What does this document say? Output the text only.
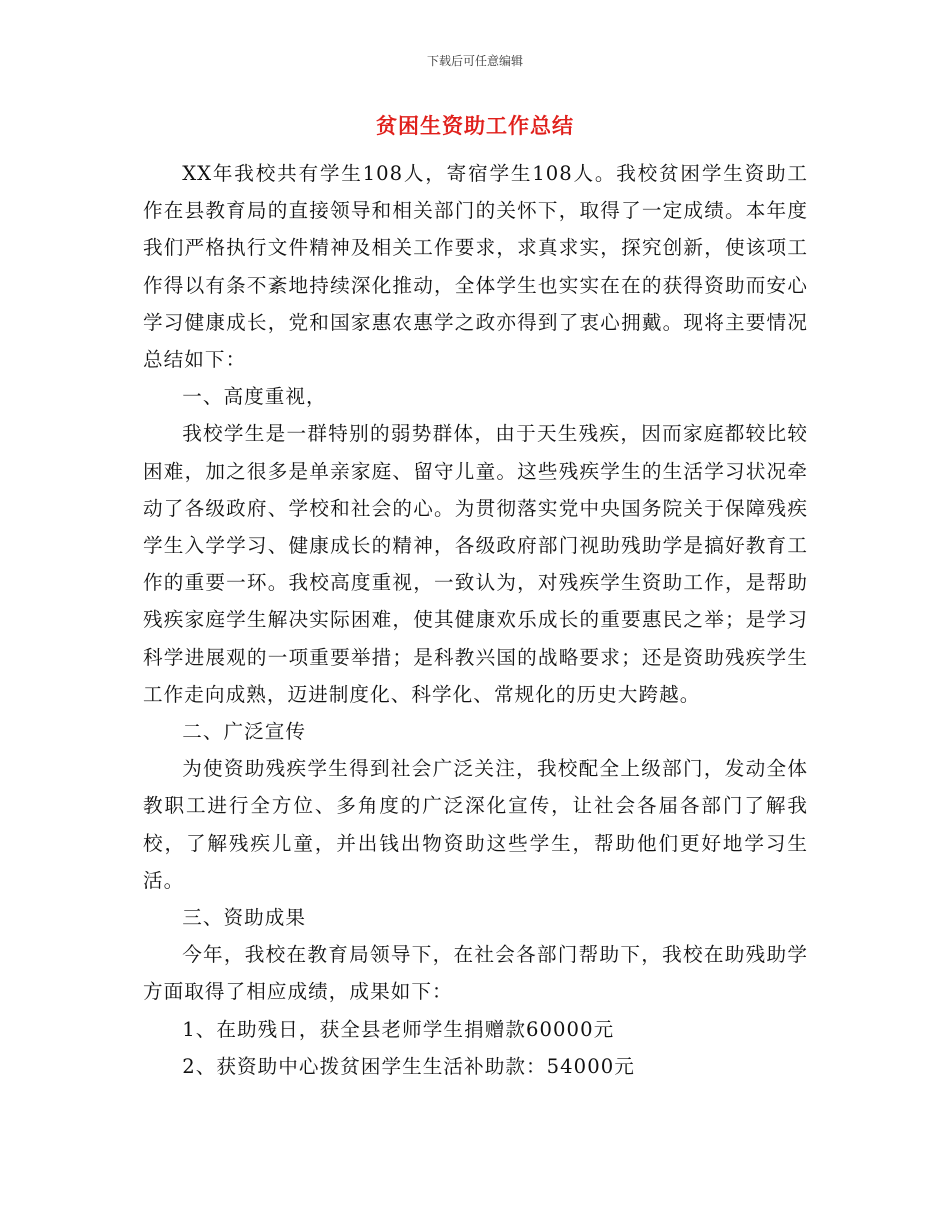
下载后可任意编辑
贫困生资助工作总结

XX年我校共有学生108人，寄宿学生108人。我校贫困学生资助工作在县教育局的直接领导和相关部门的关怀下，取得了一定成绩。本年度我们严格执行文件精神及相关工作要求，求真求实，探究创新，使该项工作得以有条不紊地持续深化推动，全体学生也实实在在的获得资助而安心学习健康成长，党和国家惠农惠学之政亦得到了衷心拥戴。现将主要情况总结如下：

一、高度重视，

我校学生是一群特别的弱势群体，由于天生残疾，因而家庭都较比较困难，加之很多是单亲家庭、留守儿童。这些残疾学生的生活学习状况牵动了各级政府、学校和社会的心。为贯彻落实党中央国务院关于保障残疾学生入学学习、健康成长的精神，各级政府部门视助残助学是搞好教育工作的重要一环。我校高度重视，一致认为，对残疾学生资助工作，是帮助残疾家庭学生解决实际困难，使其健康欢乐成长的重要惠民之举；是学习科学进展观的一项重要举措；是科教兴国的战略要求；还是资助残疾学生工作走向成熟，迈进制度化、科学化、常规化的历史大跨越。

二、广泛宣传

为使资助残疾学生得到社会广泛关注，我校配全上级部门，发动全体教职工进行全方位、多角度的广泛深化宣传，让社会各届各部门了解我校，了解残疾儿童，并出钱出物资助这些学生，帮助他们更好地学习生活。

三、资助成果

今年，我校在教育局领导下，在社会各部门帮助下，我校在助残助学方面取得了相应成绩，成果如下：

1、在助残日，获全县老师学生捐赠款60000元

2、获资助中心拨贫困学生生活补助款：54000元
